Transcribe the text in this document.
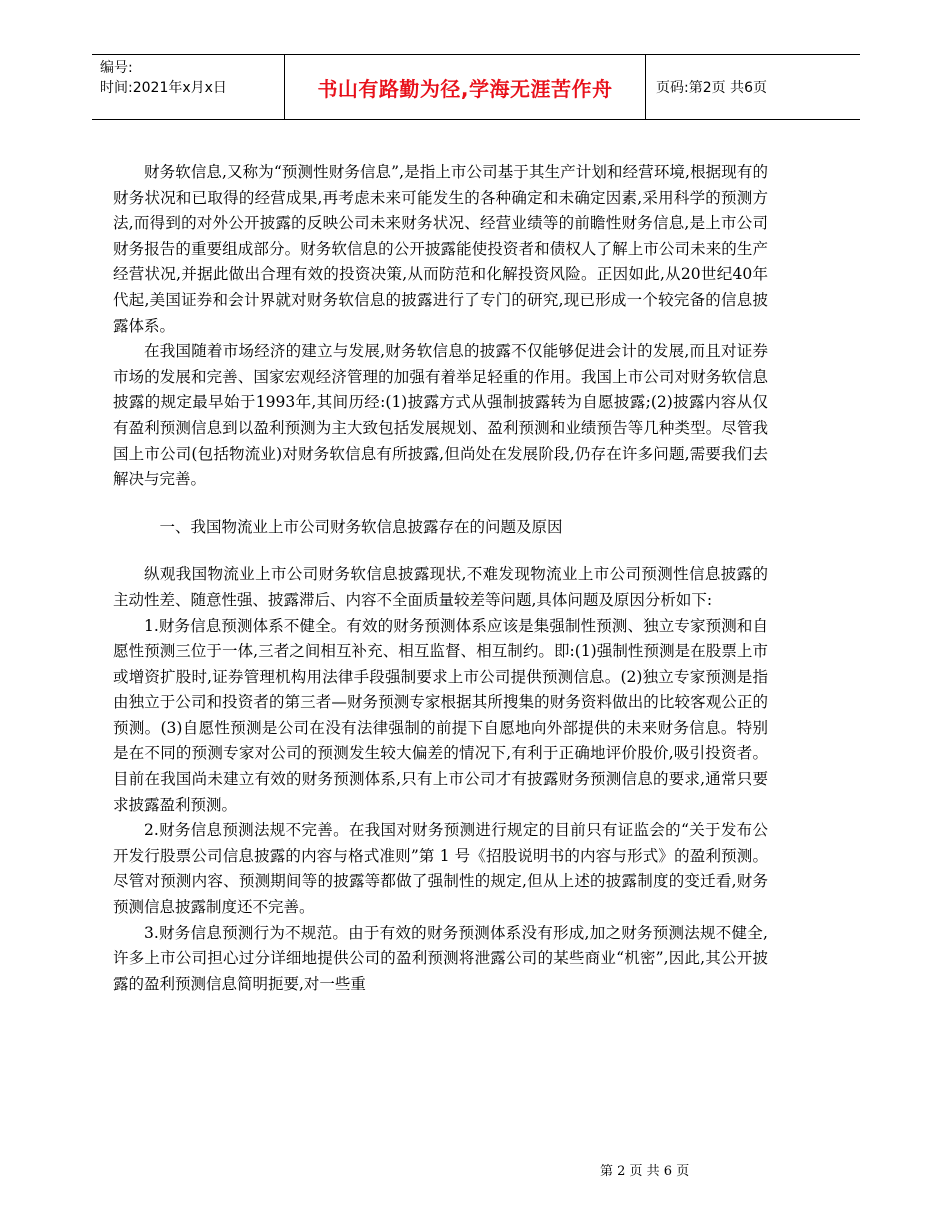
编号:
时间:2021年x月x日	书山有路勤为径,学海无涯苦作舟	页码:第2页 共6页

财务软信息,又称为“预测性财务信息”,是指上市公司基于其生产计划和经营环境,根据现有的财务状况和已取得的经营成果,再考虑未来可能发生的各种确定和未确定因素,采用科学的预测方法,而得到的对外公开披露的反映公司未来财务状况、经营业绩等的前瞻性财务信息,是上市公司财务报告的重要组成部分。财务软信息的公开披露能使投资者和债权人了解上市公司未来的生产经营状况,并据此做出合理有效的投资决策,从而防范和化解投资风险。正因如此,从20世纪40年代起,美国证券和会计界就对财务软信息的披露进行了专门的研究,现已形成一个较完备的信息披露体系。

在我国随着市场经济的建立与发展,财务软信息的披露不仅能够促进会计的发展,而且对证券市场的发展和完善、国家宏观经济管理的加强有着举足轻重的作用。我国上市公司对财务软信息披露的规定最早始于1993年,其间历经:(1)披露方式从强制披露转为自愿披露;(2)披露内容从仅有盈利预测信息到以盈利预测为主大致包括发展规划、盈利预测和业绩预告等几种类型。尽管我国上市公司(包括物流业)对财务软信息有所披露,但尚处在发展阶段,仍存在许多问题,需要我们去解决与完善。

一、我国物流业上市公司财务软信息披露存在的问题及原因

纵观我国物流业上市公司财务软信息披露现状,不难发现物流业上市公司预测性信息披露的主动性差、随意性强、披露滞后、内容不全面质量较差等问题,具体问题及原因分析如下:

1.财务信息预测体系不健全。有效的财务预测体系应该是集强制性预测、独立专家预测和自愿性预测三位于一体,三者之间相互补充、相互监督、相互制约。即:(1)强制性预测是在股票上市或增资扩股时,证券管理机构用法律手段强制要求上市公司提供预测信息。(2)独立专家预测是指由独立于公司和投资者的第三者—财务预测专家根据其所搜集的财务资料做出的比较客观公正的预测。(3)自愿性预测是公司在没有法律强制的前提下自愿地向外部提供的未来财务信息。特别是在不同的预测专家对公司的预测发生较大偏差的情况下,有利于正确地评价股价,吸引投资者。目前在我国尚未建立有效的财务预测体系,只有上市公司才有披露财务预测信息的要求,通常只要求披露盈利预测。

2.财务信息预测法规不完善。在我国对财务预测进行规定的目前只有证监会的“关于发布公开发行股票公司信息披露的内容与格式准则”第 1 号《招股说明书的内容与形式》的盈利预测。尽管对预测内容、预测期间等的披露等都做了强制性的规定,但从上述的披露制度的变迁看,财务预测信息披露制度还不完善。

3.财务信息预测行为不规范。由于有效的财务预测体系没有形成,加之财务预测法规不健全,许多上市公司担心过分详细地提供公司的盈利预测将泄露公司的某些商业“机密”,因此,其公开披露的盈利预测信息简明扼要,对一些重

第 2 页 共 6 页
